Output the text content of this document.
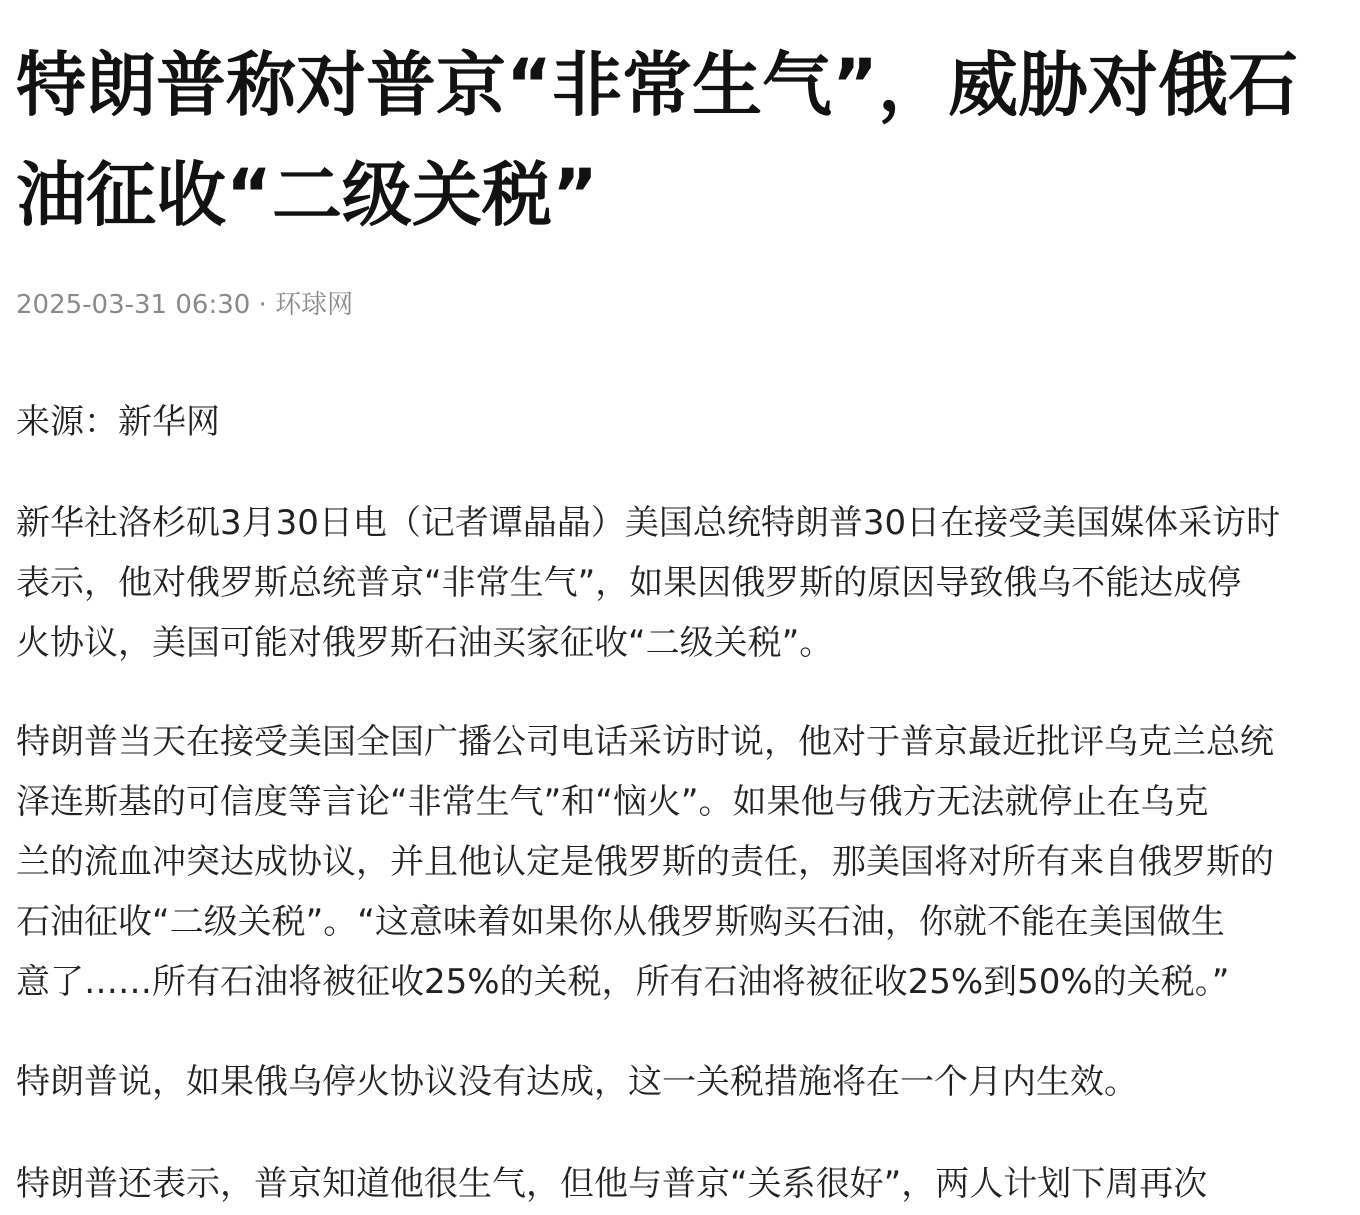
特朗普称对普京“非常生气”，威胁对俄石
油征收“二级关税”
2025-03-31 06:30 · 环球网

来源：新华网

新华社洛杉矶3月30日电（记者谭晶晶）美国总统特朗普30日在接受美国媒体采访时
表示，他对俄罗斯总统普京“非常生气”，如果因俄罗斯的原因导致俄乌不能达成停
火协议，美国可能对俄罗斯石油买家征收“二级关税”。

特朗普当天在接受美国全国广播公司电话采访时说，他对于普京最近批评乌克兰总统
泽连斯基的可信度等言论“非常生气”和“恼火”。如果他与俄方无法就停止在乌克
兰的流血冲突达成协议，并且他认定是俄罗斯的责任，那美国将对所有来自俄罗斯的
石油征收“二级关税”。“这意味着如果你从俄罗斯购买石油，你就不能在美国做生
意了……所有石油将被征收25%的关税，所有石油将被征收25%到50%的关税。”

特朗普说，如果俄乌停火协议没有达成，这一关税措施将在一个月内生效。

特朗普还表示，普京知道他很生气，但他与普京“关系很好”，两人计划下周再次
